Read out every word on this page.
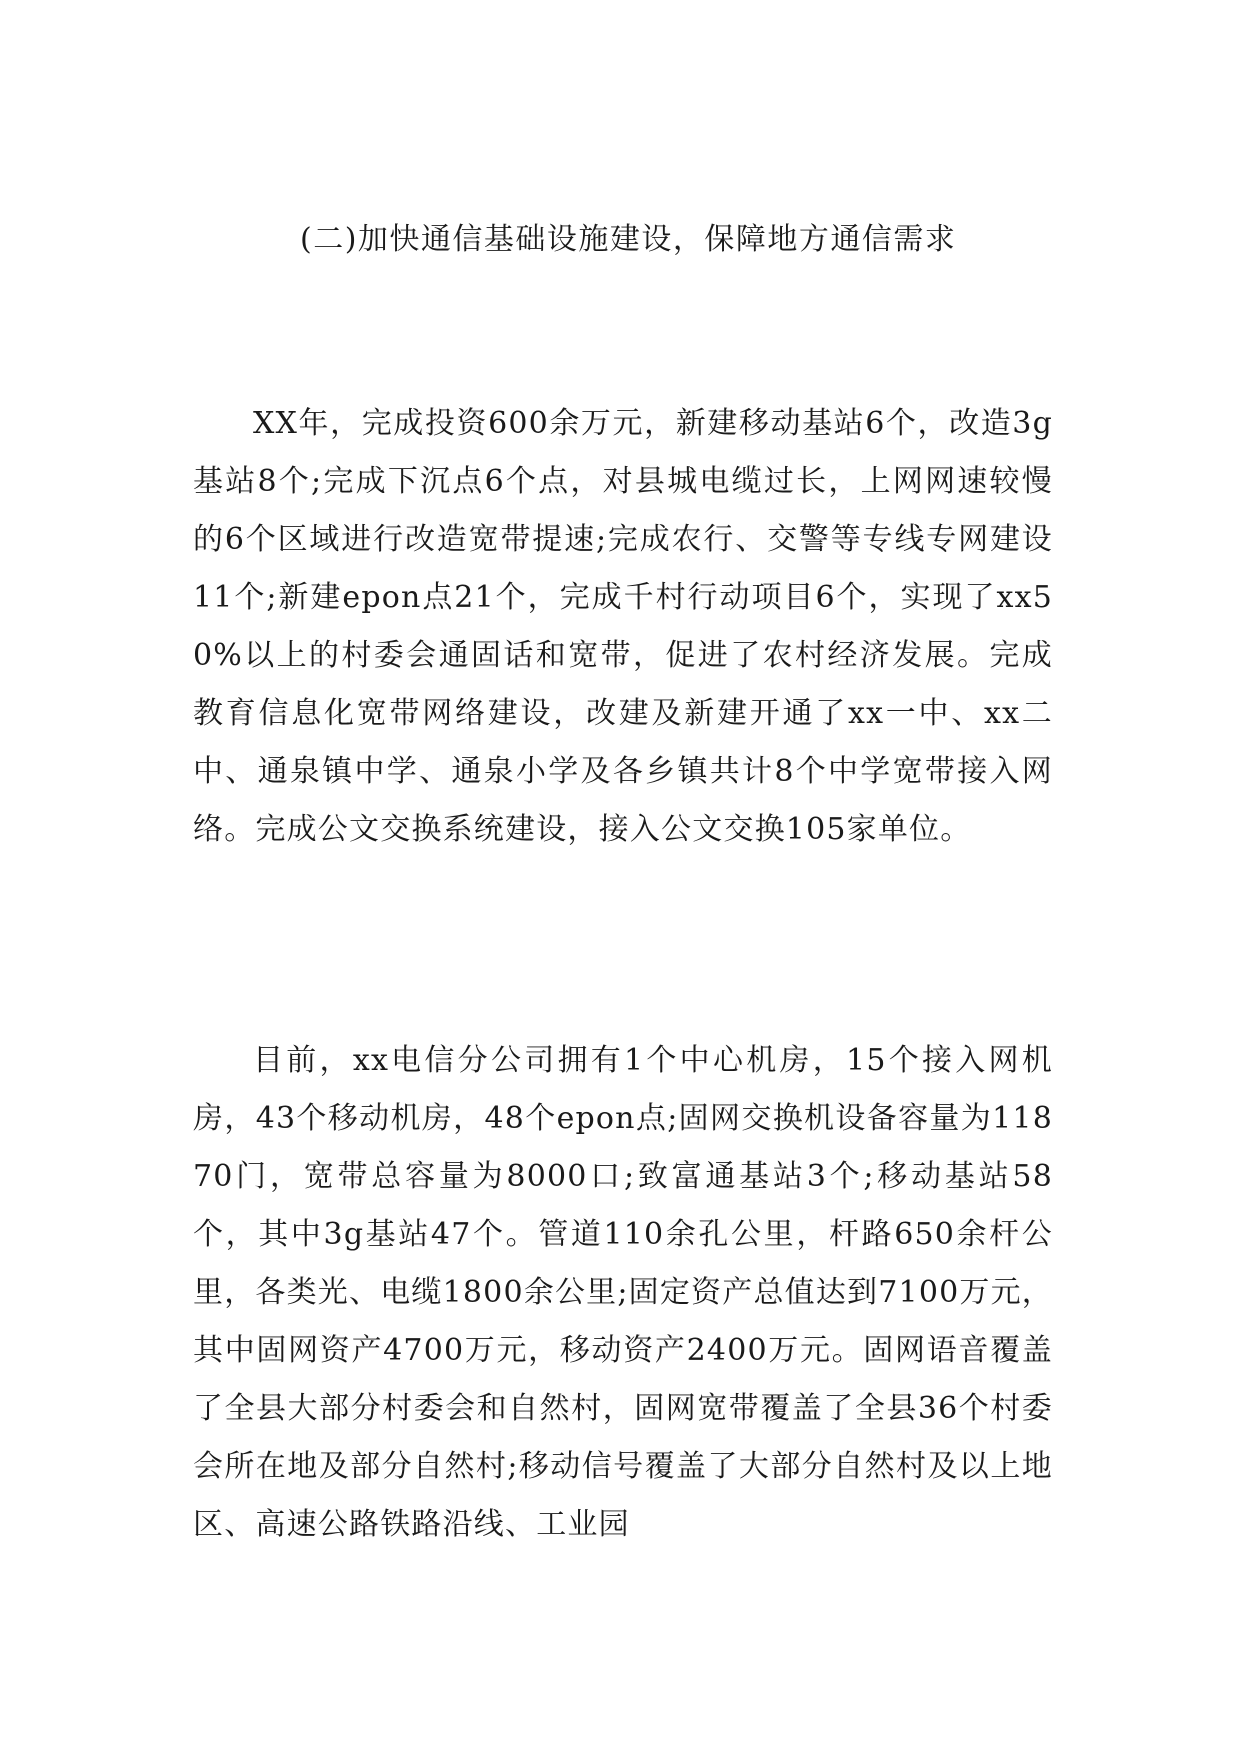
(二)加快通信基础设施建设，保障地方通信需求

XX年，完成投资600余万元，新建移动基站6个，改造3g基站8个;完成下沉点6个点，对县城电缆过长，上网网速较慢的6个区域进行改造宽带提速;完成农行、交警等专线专网建设11个;新建epon点21个，完成千村行动项目6个，实现了xx50%以上的村委会通固话和宽带，促进了农村经济发展。完成教育信息化宽带网络建设，改建及新建开通了xx一中、xx二中、通泉镇中学、通泉小学及各乡镇共计8个中学宽带接入网络。完成公文交换系统建设，接入公文交换105家单位。

目前，xx电信分公司拥有1个中心机房，15个接入网机房，43个移动机房，48个epon点;固网交换机设备容量为11870门，宽带总容量为8000口;致富通基站3个;移动基站58个，其中3g基站47个。管道110余孔公里，杆路650余杆公里，各类光、电缆1800余公里;固定资产总值达到7100万元，其中固网资产4700万元，移动资产2400万元。固网语音覆盖了全县大部分村委会和自然村，固网宽带覆盖了全县36个村委会所在地及部分自然村;移动信号覆盖了大部分自然村及以上地区、高速公路铁路沿线、工业园
